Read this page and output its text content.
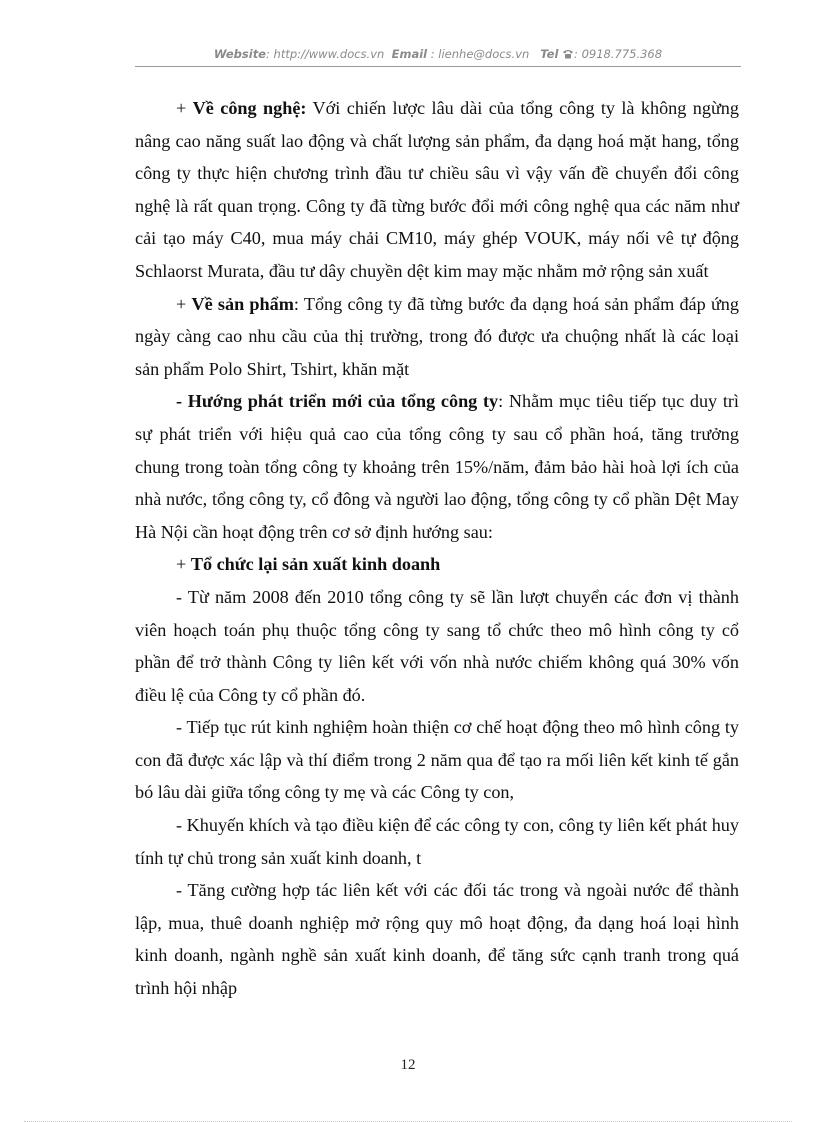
Website: http://www.docs.vn Email : lienhe@docs.vn Tel : 0918.775.368
+ Về công nghệ: Với chiến lược lâu dài của tổng công ty là không ngừng nâng cao năng suất lao động và chất lượng sản phẩm, đa dạng hoá mặt hang, tổng công ty thực hiện chương trình đầu tư chiều sâu vì vậy vấn đề chuyển đổi công nghệ là rất quan trọng. Công ty đã từng bước đổi mới công nghệ qua các năm như cải tạo máy C40, mua máy chải CM10, máy ghép VOUK, máy nối vê tự động Schlaorst Murata, đầu tư dây chuyền dệt kim may mặc nhằm mở rộng sản xuất
+ Về sản phẩm: Tổng công ty đã từng bước đa dạng hoá sản phẩm đáp ứng ngày càng cao nhu cầu của thị trường, trong đó được ưa chuộng nhất là các loại sản phẩm Polo Shirt, Tshirt, khăn mặt
- Hướng phát triển mới của tổng công ty: Nhằm mục tiêu tiếp tục duy trì sự phát triển với hiệu quả cao của tổng công ty sau cổ phần hoá, tăng trưởng chung trong toàn tổng công ty khoảng trên 15%/năm, đảm bảo hài hoà lợi ích của nhà nước, tổng công ty, cổ đông và người lao động, tổng công ty cổ phần Dệt May Hà Nội cần hoạt động trên cơ sở định hướng sau:
+ Tổ chức lại sản xuất kinh doanh
- Từ năm 2008 đến 2010 tổng công ty sẽ lần lượt chuyển các đơn vị thành viên hoạch toán phụ thuộc tổng công ty sang tổ chức theo mô hình công ty cổ phần để trở thành Công ty liên kết với vốn nhà nước chiếm không quá 30% vốn điều lệ của Công ty cổ phần đó.
- Tiếp tục rút kinh nghiệm hoàn thiện cơ chế hoạt động theo mô hình công ty con đã được xác lập và thí điểm trong 2 năm qua để tạo ra mối liên kết kinh tế gắn bó lâu dài giữa tổng công ty mẹ và các Công ty con,
- Khuyến khích và tạo điều kiện để các công ty con, công ty liên kết phát huy tính tự chủ trong sản xuất kinh doanh, t
- Tăng cường hợp tác liên kết với các đối tác trong và ngoài nước để thành lập, mua, thuê doanh nghiệp mở rộng quy mô hoạt động, đa dạng hoá loại hình kinh doanh, ngành nghề sản xuất kinh doanh, để tăng sức cạnh tranh trong quá trình hội nhập
12
